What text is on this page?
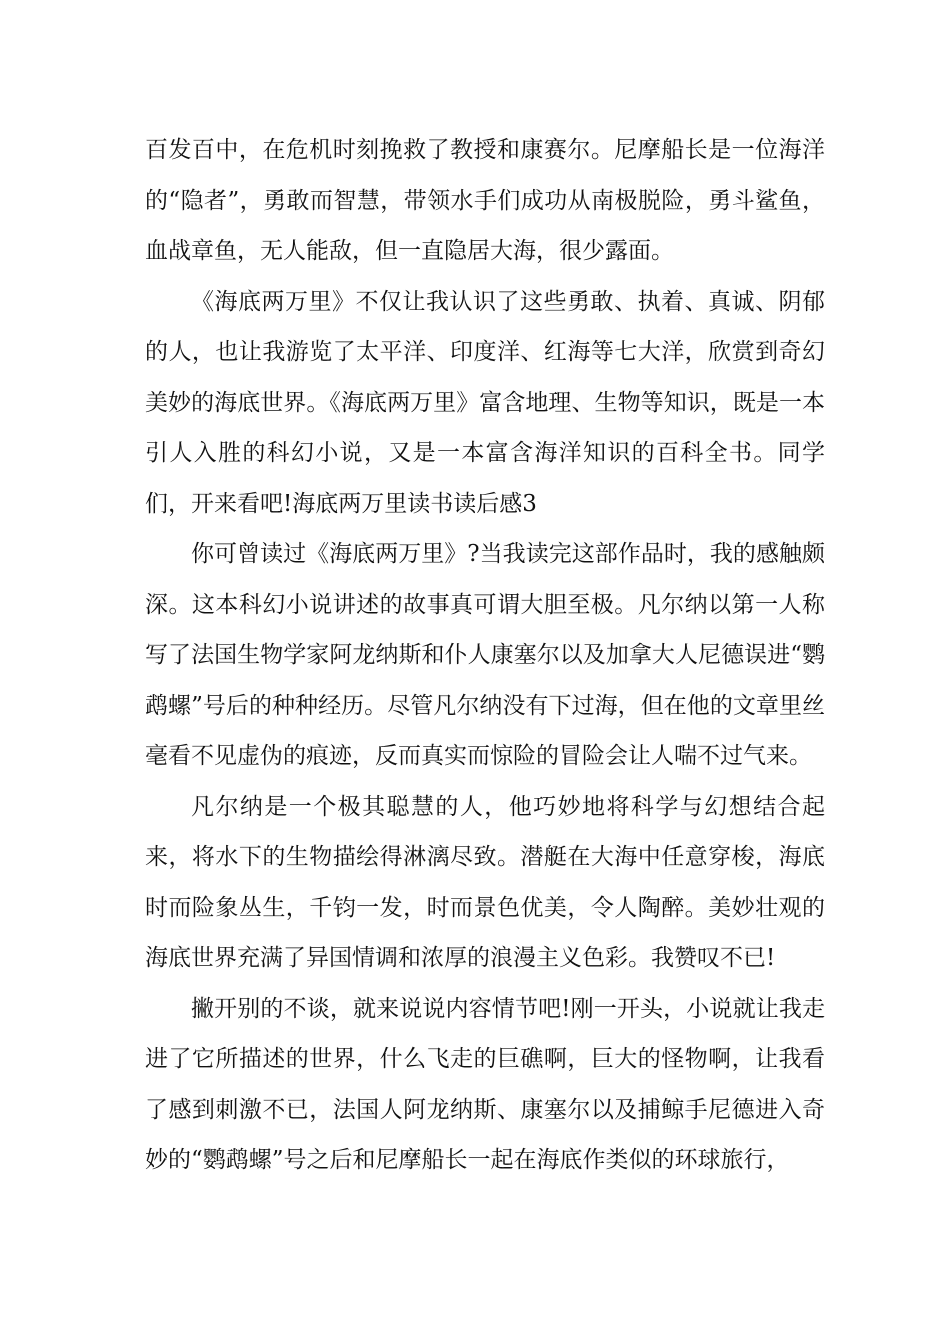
百发百中，在危机时刻挽救了教授和康赛尔。尼摩船长是一位海洋的“隐者”，勇敢而智慧，带领水手们成功从南极脱险，勇斗鲨鱼，血战章鱼，无人能敌，但一直隐居大海，很少露面。

《海底两万里》不仅让我认识了这些勇敢、执着、真诚、阴郁的人，也让我游览了太平洋、印度洋、红海等七大洋，欣赏到奇幻美妙的海底世界。《海底两万里》富含地理、生物等知识，既是一本引人入胜的科幻小说，又是一本富含海洋知识的百科全书。同学们，开来看吧!海底两万里读书读后感3

你可曾读过《海底两万里》?当我读完这部作品时，我的感触颇深。这本科幻小说讲述的故事真可谓大胆至极。凡尔纳以第一人称写了法国生物学家阿龙纳斯和仆人康塞尔以及加拿大人尼德误进“鹦鹉螺”号后的种种经历。尽管凡尔纳没有下过海，但在他的文章里丝毫看不见虚伪的痕迹，反而真实而惊险的冒险会让人喘不过气来。

凡尔纳是一个极其聪慧的人，他巧妙地将科学与幻想结合起来，将水下的生物描绘得淋漓尽致。潜艇在大海中任意穿梭，海底时而险象丛生，千钧一发，时而景色优美，令人陶醉。美妙壮观的海底世界充满了异国情调和浓厚的浪漫主义色彩。我赞叹不已!

撇开别的不谈，就来说说内容情节吧!刚一开头，小说就让我走进了它所描述的世界，什么飞走的巨礁啊，巨大的怪物啊，让我看了感到刺激不已，法国人阿龙纳斯、康塞尔以及捕鲸手尼德进入奇妙的“鹦鹉螺”号之后和尼摩船长一起在海底作类似的环球旅行，
